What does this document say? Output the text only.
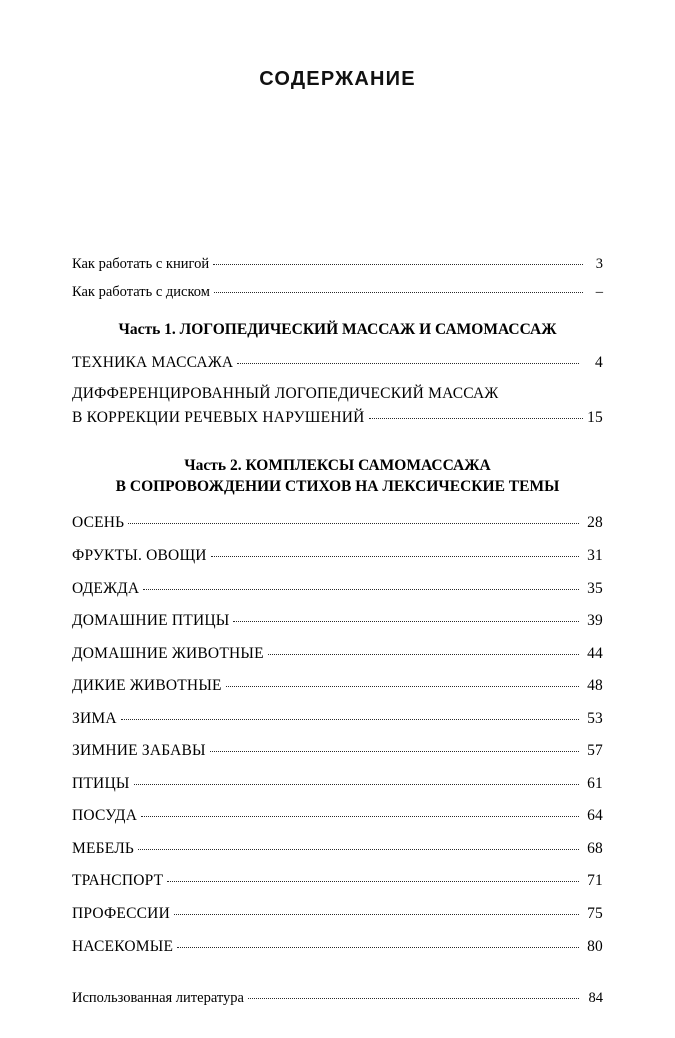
СОДЕРЖАНИЕ
Как работать с книгой	3
Как работать с диском	–
Часть 1. ЛОГОПЕДИЧЕСКИЙ МАССАЖ И САМОМАССАЖ
ТЕХНИКА МАССАЖА	4
ДИФФЕРЕНЦИРОВАННЫЙ ЛОГОПЕДИЧЕСКИЙ МАССАЖ
В КОРРЕКЦИИ РЕЧЕВЫХ НАРУШЕНИЙ	15
Часть 2. КОМПЛЕКСЫ САМОМАССАЖА
В СОПРОВОЖДЕНИИ СТИХОВ НА ЛЕКСИЧЕСКИЕ ТЕМЫ
ОСЕНЬ	28
ФРУКТЫ. ОВОЩИ	31
ОДЕЖДА	35
ДОМАШНИЕ ПТИЦЫ	39
ДОМАШНИЕ ЖИВОТНЫЕ	44
ДИКИЕ ЖИВОТНЫЕ	48
ЗИМА	53
ЗИМНИЕ ЗАБАВЫ	57
ПТИЦЫ	61
ПОСУДА	64
МЕБЕЛЬ	68
ТРАНСПОРТ	71
ПРОФЕССИИ	75
НАСЕКОМЫЕ	80
Использованная литература	84
